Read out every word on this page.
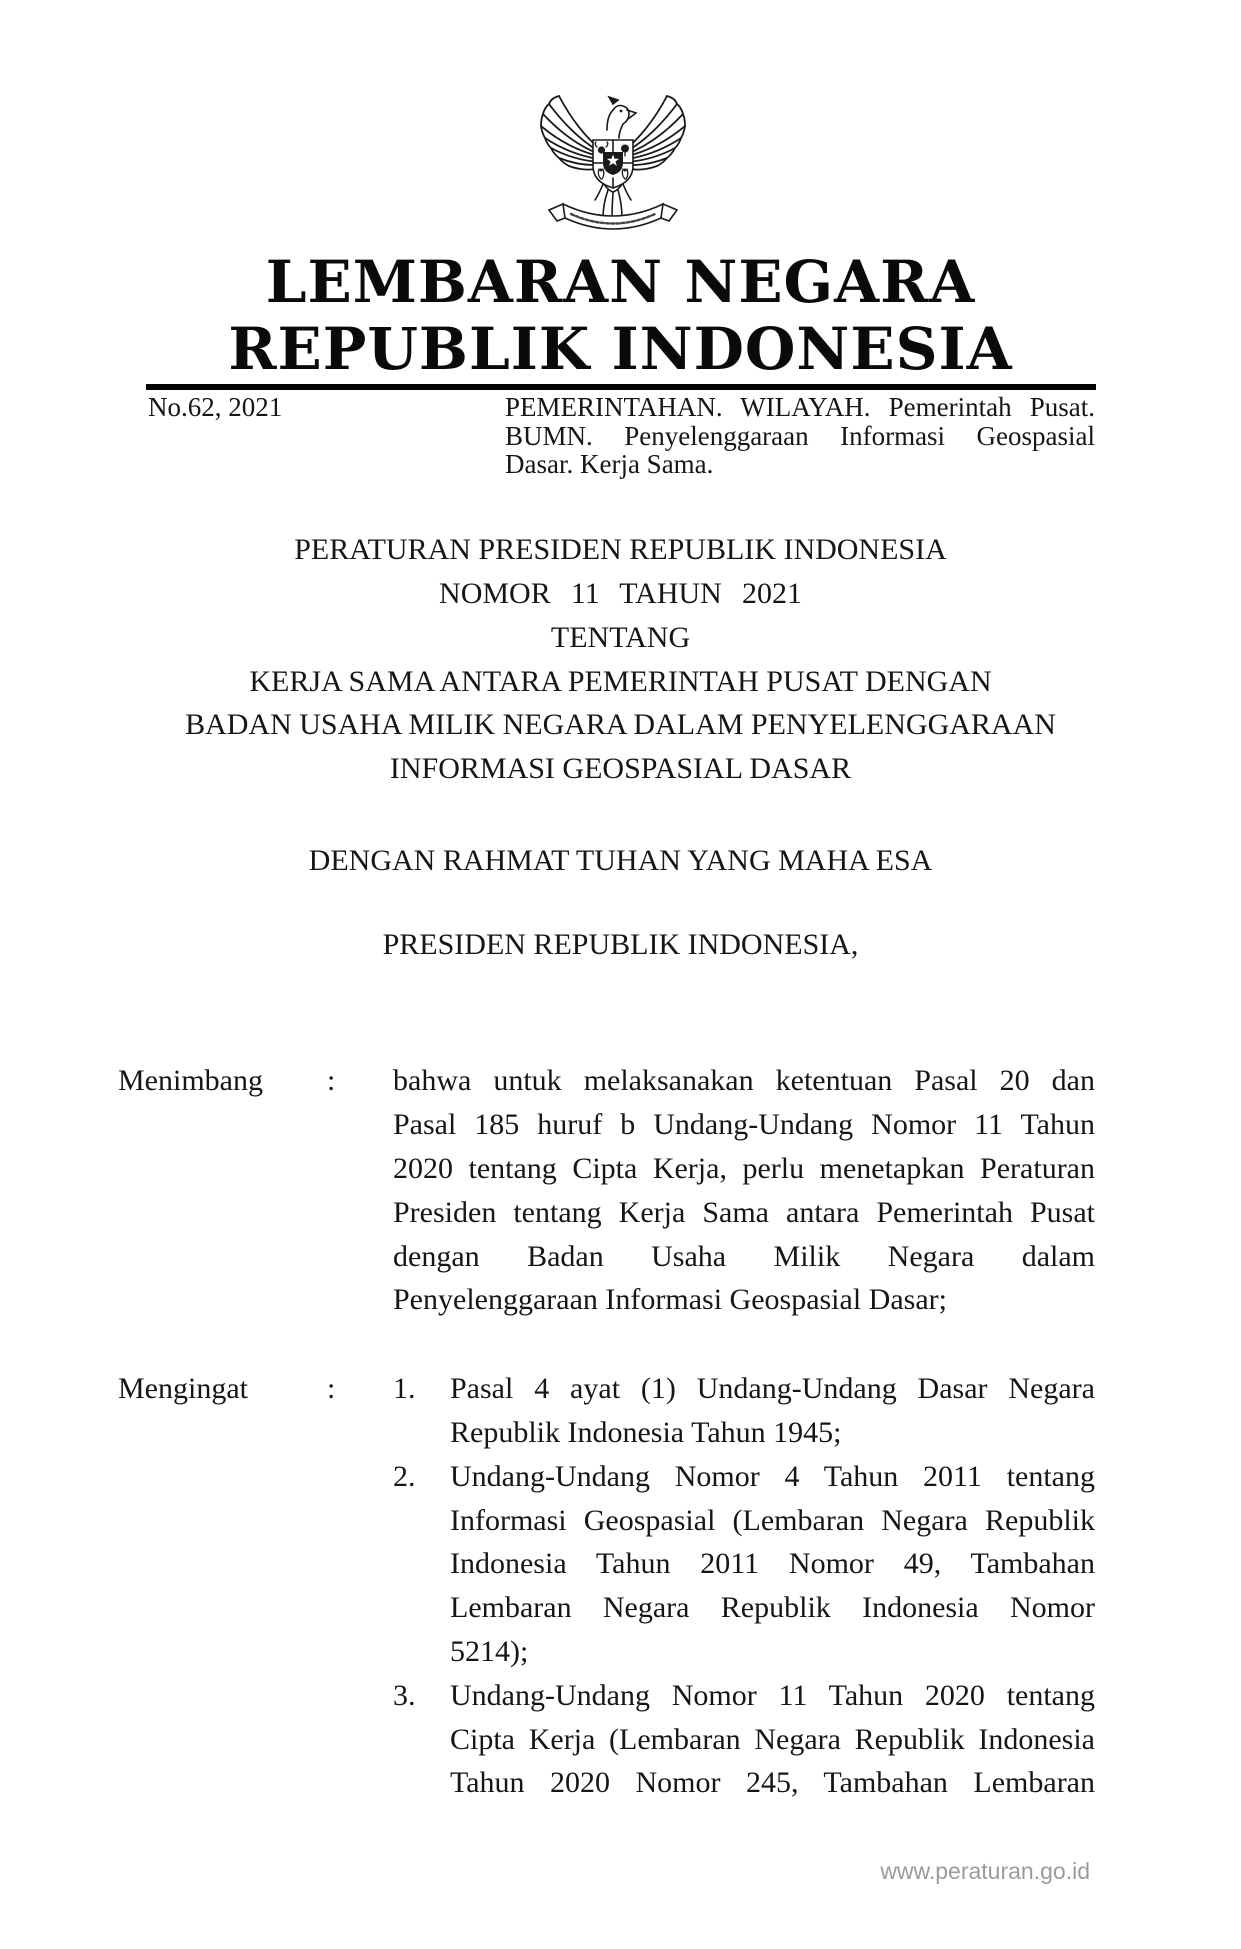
LEMBARAN NEGARA
REPUBLIK INDONESIA
No.62, 2021	PEMERINTAHAN. WILAYAH. Pemerintah Pusat.
BUMN. Penyelenggaraan Informasi Geospasial
Dasar. Kerja Sama.
PERATURAN PRESIDEN REPUBLIK INDONESIA
NOMOR 11 TAHUN 2021
TENTANG
KERJA SAMA ANTARA PEMERINTAH PUSAT DENGAN
BADAN USAHA MILIK NEGARA DALAM PENYELENGGARAAN
INFORMASI GEOSPASIAL DASAR
DENGAN RAHMAT TUHAN YANG MAHA ESA
PRESIDEN REPUBLIK INDONESIA,
Menimbang	:	bahwa untuk melaksanakan ketentuan Pasal 20 dan
Pasal 185 huruf b Undang-Undang Nomor 11 Tahun
2020 tentang Cipta Kerja, perlu menetapkan Peraturan
Presiden tentang Kerja Sama antara Pemerintah Pusat
dengan Badan Usaha Milik Negara dalam
Penyelenggaraan Informasi Geospasial Dasar;
Mengingat	:	1.	Pasal 4 ayat (1) Undang-Undang Dasar Negara
Republik Indonesia Tahun 1945;
2.	Undang-Undang Nomor 4 Tahun 2011 tentang
Informasi Geospasial (Lembaran Negara Republik
Indonesia Tahun 2011 Nomor 49, Tambahan
Lembaran Negara Republik Indonesia Nomor
5214);
3.	Undang-Undang Nomor 11 Tahun 2020 tentang
Cipta Kerja (Lembaran Negara Republik Indonesia
Tahun 2020 Nomor 245, Tambahan Lembaran
www.peraturan.go.id
